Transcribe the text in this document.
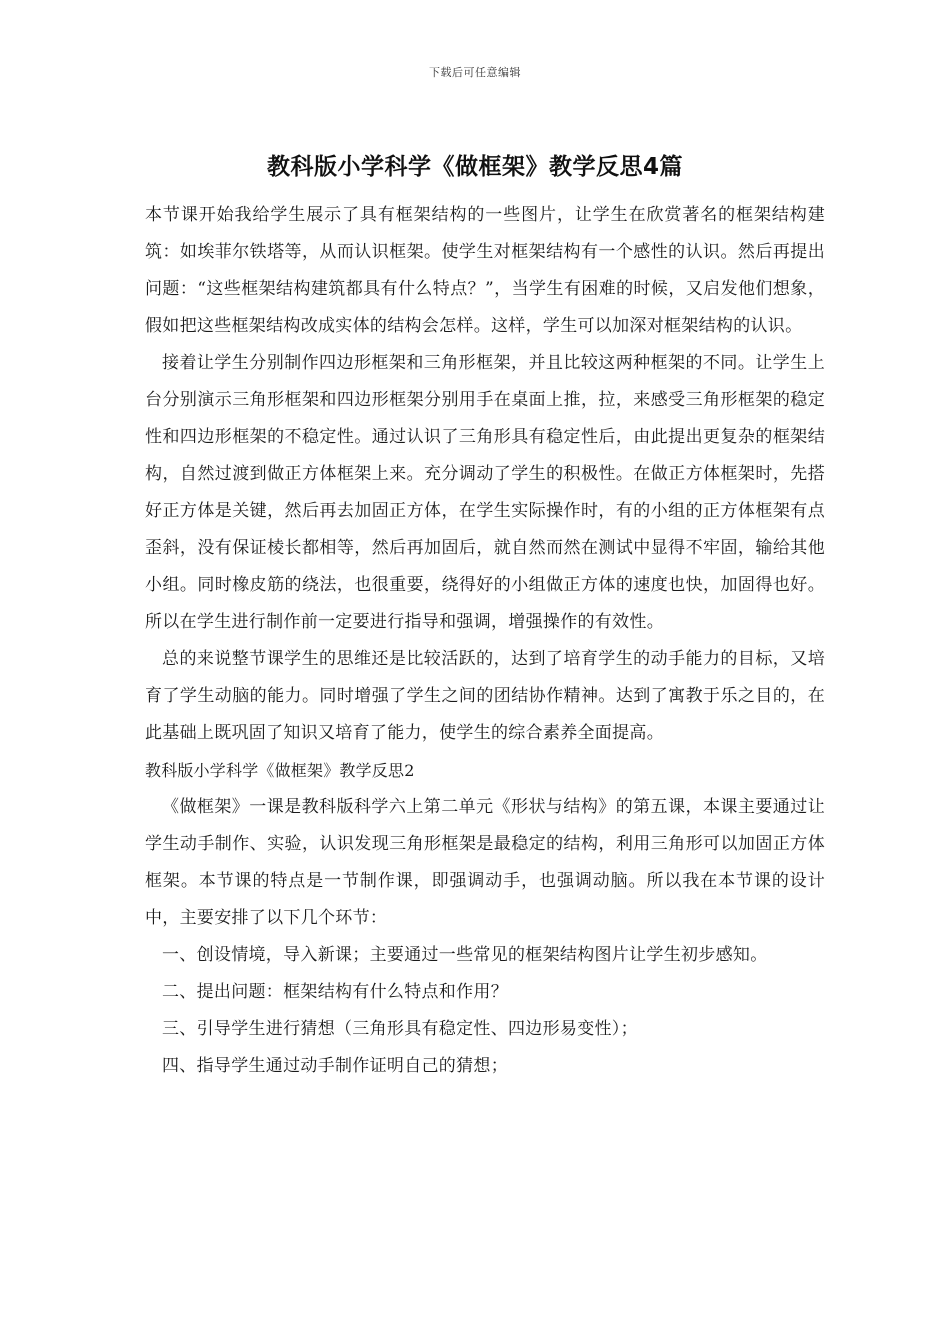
下载后可任意编辑
教科版小学科学《做框架》教学反思4篇

本节课开始我给学生展示了具有框架结构的一些图片，让学生在欣赏著名的框架结构建筑：如埃菲尔铁塔等，从而认识框架。使学生对框架结构有一个感性的认识。然后再提出问题：“这些框架结构建筑都具有什么特点？”，当学生有困难的时候，又启发他们想象，假如把这些框架结构改成实体的结构会怎样。这样，学生可以加深对框架结构的认识。

接着让学生分别制作四边形框架和三角形框架，并且比较这两种框架的不同。让学生上台分别演示三角形框架和四边形框架分别用手在桌面上推，拉，来感受三角形框架的稳定性和四边形框架的不稳定性。通过认识了三角形具有稳定性后，由此提出更复杂的框架结构，自然过渡到做正方体框架上来。充分调动了学生的积极性。在做正方体框架时，先搭好正方体是关键，然后再去加固正方体，在学生实际操作时，有的小组的正方体框架有点歪斜，没有保证棱长都相等，然后再加固后，就自然而然在测试中显得不牢固，输给其他小组。同时橡皮筋的绕法，也很重要，绕得好的小组做正方体的速度也快，加固得也好。所以在学生进行制作前一定要进行指导和强调，增强操作的有效性。

总的来说整节课学生的思维还是比较活跃的，达到了培育学生的动手能力的目标，又培育了学生动脑的能力。同时增强了学生之间的团结协作精神。达到了寓教于乐之目的，在此基础上既巩固了知识又培育了能力，使学生的综合素养全面提高。

教科版小学科学《做框架》教学反思2

《做框架》一课是教科版科学六上第二单元《形状与结构》的第五课，本课主要通过让学生动手制作、实验，认识发现三角形框架是最稳定的结构，利用三角形可以加固正方体框架。本节课的特点是一节制作课，即强调动手，也强调动脑。所以我在本节课的设计中，主要安排了以下几个环节：

一、创设情境，导入新课；主要通过一些常见的框架结构图片让学生初步感知。

二、提出问题：框架结构有什么特点和作用？

三、引导学生进行猜想（三角形具有稳定性、四边形易变性）；

四、指导学生通过动手制作证明自己的猜想；
